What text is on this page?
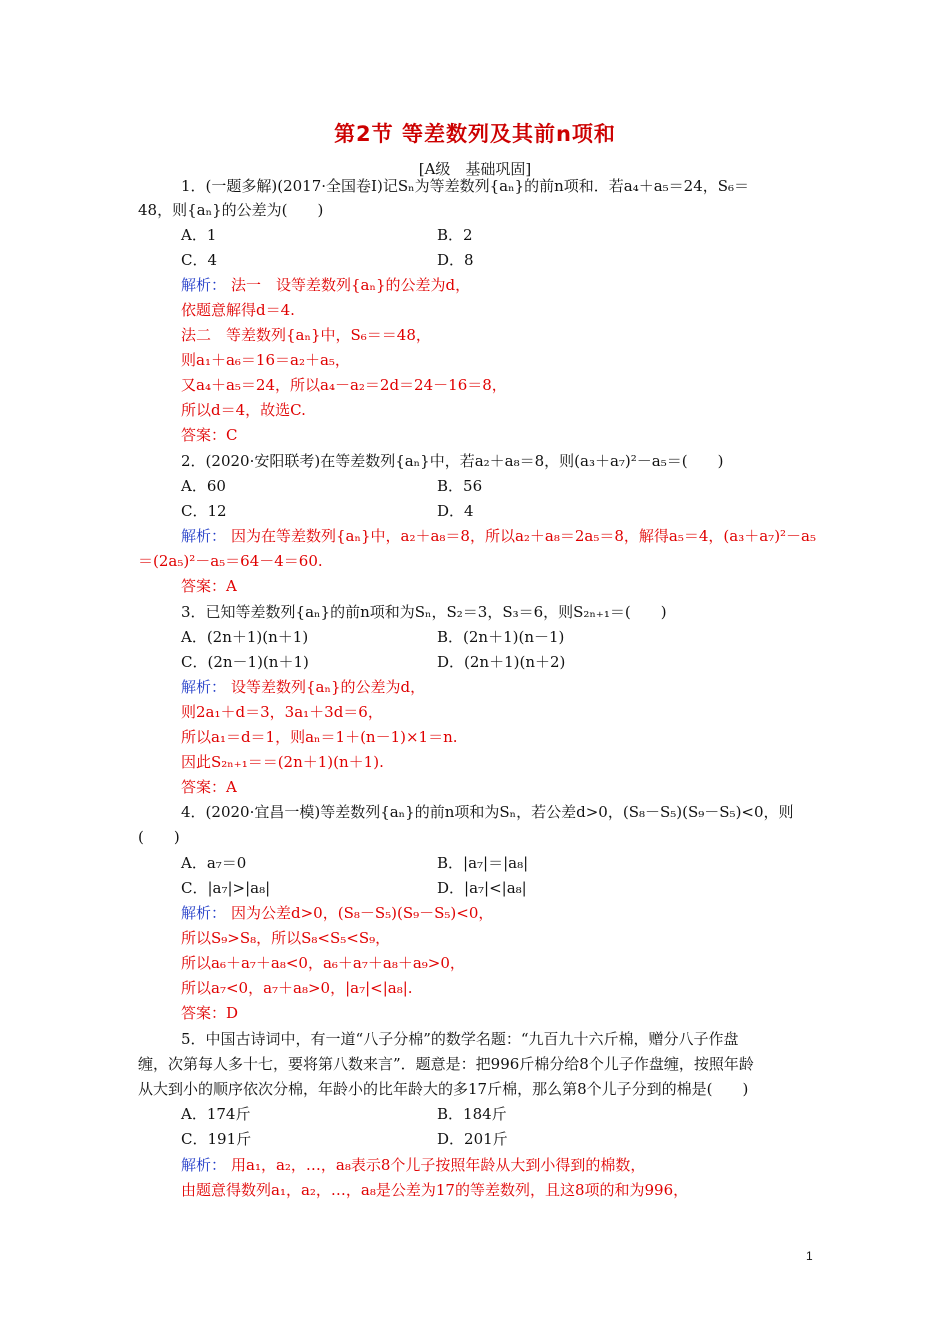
第2节 等差数列及其前n项和
[A级　基础巩固]
1．(一题多解)(2017·全国卷Ⅰ)记Sₙ为等差数列{aₙ}的前n项和．若a₄＋a₅＝24，S₆＝
48，则{aₙ}的公差为(　　)
A．1	B．2
C．4	D．8
解析： 法一　设等差数列{aₙ}的公差为d，
依题意解得d＝4.
法二　等差数列{aₙ}中，S₆＝＝48，
则a₁＋a₆＝16＝a₂＋a₅，
又a₄＋a₅＝24，所以a₄－a₂＝2d＝24－16＝8，
所以d＝4，故选C.
答案：C
2．(2020·安阳联考)在等差数列{aₙ}中，若a₂＋a₈＝8，则(a₃＋a₇)²－a₅＝(　　)
A．60	B．56
C．12	D．4
解析： 因为在等差数列{aₙ}中，a₂＋a₈＝8，所以a₂＋a₈＝2a₅＝8，解得a₅＝4，(a₃＋a₇)²－a₅
＝(2a₅)²－a₅＝64－4＝60.
答案：A
3．已知等差数列{aₙ}的前n项和为Sₙ，S₂＝3，S₃＝6，则S₂ₙ₊₁＝(　　)
A．(2n＋1)(n＋1)	B．(2n＋1)(n－1)
C．(2n－1)(n＋1)	D．(2n＋1)(n＋2)
解析： 设等差数列{aₙ}的公差为d，
则2a₁＋d＝3，3a₁＋3d＝6，
所以a₁＝d＝1，则aₙ＝1＋(n－1)×1＝n.
因此S₂ₙ₊₁＝＝(2n＋1)(n＋1).
答案：A
4．(2020·宜昌一模)等差数列{aₙ}的前n项和为Sₙ，若公差d>0，(S₈－S₅)(S₉－S₅)<0，则
(　　)
A．a₇＝0	B．|a₇|＝|a₈|
C．|a₇|>|a₈|	D．|a₇|<|a₈|
解析： 因为公差d>0，(S₈－S₅)(S₉－S₅)<0，
所以S₉>S₈，所以S₈<S₅<S₉，
所以a₆＋a₇＋a₈<0，a₆＋a₇＋a₈＋a₉>0，
所以a₇<0，a₇＋a₈>0，|a₇|<|a₈|.
答案：D
5．中国古诗词中，有一道“八子分棉”的数学名题：“九百九十六斤棉，赠分八子作盘
缠，次第每人多十七，要将第八数来言”．题意是：把996斤棉分给8个儿子作盘缠，按照年龄
从大到小的顺序依次分棉，年龄小的比年龄大的多17斤棉，那么第8个儿子分到的棉是(　　)
A．174斤	B．184斤
C．191斤	D．201斤
解析： 用a₁，a₂，…，a₈表示8个儿子按照年龄从大到小得到的棉数，
由题意得数列a₁，a₂，…，a₈是公差为17的等差数列，且这8项的和为996，
1
